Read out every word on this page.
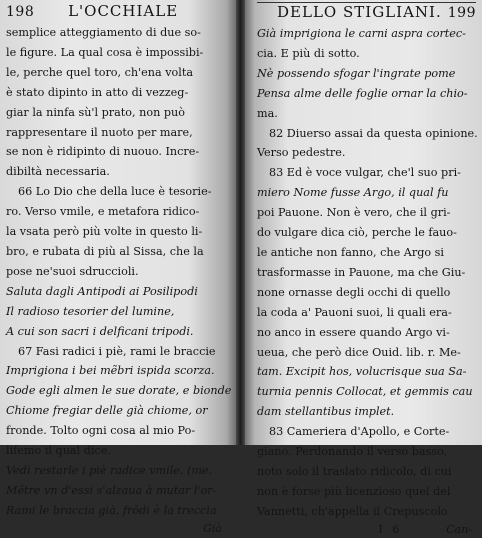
198 L'OCCHIALE
semplice atteggiamento di due so-
le figure. La qual cosa è impossibi-
le, perche quel toro, ch'ena volta
è stato dipinto in atto di vezzeg-
giar la ninfa sù'l prato, non può
rappresentare il nuoto per mare,
se non è ridipinto di nuouo. Incre-
dibiltà necessaria.
66 Lo Dio che della luce è tesorie-
ro. Verso vmile, e metafora ridico-
la vsata però più volte in questo li-
bro, e rubata di più al Sissa, che la
pose ne'suoi sdruccioli.
Saluta dagli Antipodi ai Posilipodi
Il radioso tesorier del lumine,
A cui son sacri i delficani tripodi.
67 Fasi radici i piè, rami le braccie
Imprigiona i bei mẽbri ispida scorza.
Gode egli almen le sue dorate, e bionde
Chiome fregiar delle già chiome, or
fronde. Tolto ogni cosa al mio Po-
lifemo il qual dice.
Vedi restarle i piè radice vmile. (me.
Mētre vn d'essi s'alzaua à mutar l'or-
Rami le braccia già, frōdi è la treccia
Già
DELLO STIGLIANI. 199
Già imprigiona le carni aspra cortec-
cia. E più di sotto.
Nè possendo sfogar l'ingrate pome
Pensa alme delle foglie ornar la chio-
ma.
82 Diuerso assai da questa opinione.
Verso pedestre.
83 Ed è voce vulgar, che'l suo pri-
miero Nome fusse Argo, il qual fu
poi Pauone. Non è vero, che il gri-
do vulgare dica ciò, perche le fauo-
le antiche non fanno, che Argo si
trasformasse in Pauone, ma che Giu-
none ornasse degli occhi di quello
la coda a' Pauoni suoi, li quali era-
no anco in essere quando Argo vi-
ueua, che però dice Ouid. lib. r. Me-
tam. Excipit hos, volucrisque sua Sa-
turnia pennis Collocat, et gemmis cau
dam stellantibus implet.
83 Cameriera d'Apollo, e Corte-
giano. Perdonando il verso basso,
noto solo il traslato ridicolo, di cui
non è forse più licenzioso quel del
Vannetti, ch'appella il Crepuscolo
I 6	Can-
